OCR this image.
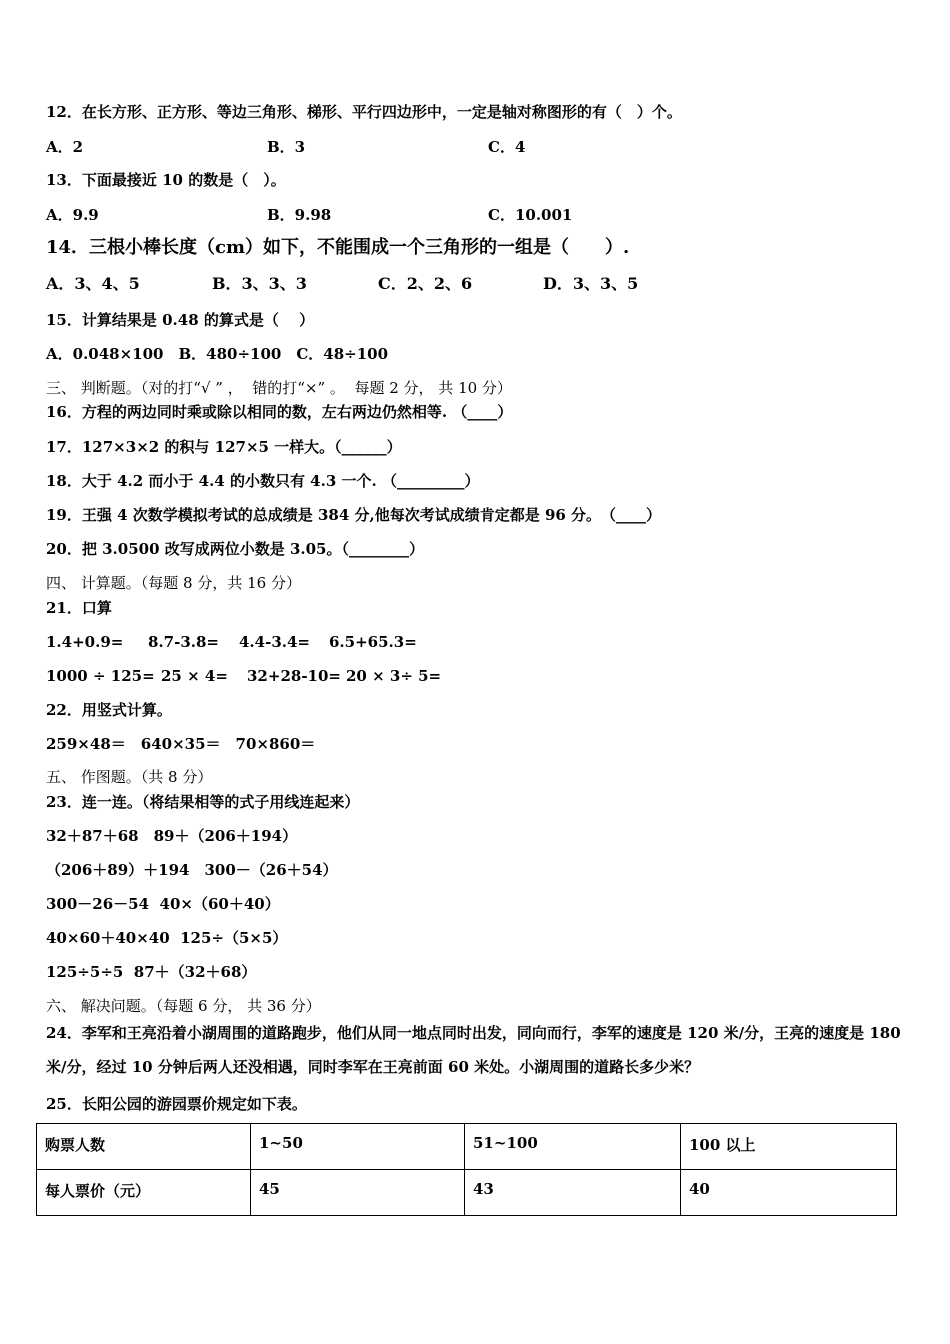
12．在长方形、正方形、等边三角形、梯形、平行四边形中，一定是轴对称图形的有（　）个。
A．2	B．3	C．4
13．下面最接近 10 的数是（　）。
A．9.9	B．9.98	C．10.001
14．三根小棒长度（cm）如下，不能围成一个三角形的一组是（　　）.
A．3、4、5	B．3、3、3	C．2、2、6	D．3、3、5
15．计算结果是 0.48 的算式是（　 ）
A．0.048×100　B．480÷100　C．48÷100
三、 判断题。（对的打“√ ” ，  错的打“×” 。  每题 2 分， 共 10 分）
16．方程的两边同时乘或除以相同的数，左右两边仍然相等. （____）
17．127×3×2 的积与 127×5 一样大。（______）
18．大于 4.2 而小于 4.4 的小数只有 4.3 一个. （_________）
19．王强 4 次数学模拟考试的总成绩是 384 分,他每次考试成绩肯定都是 96 分。　（____）
20．把 3.0500 改写成两位小数是 3.05。（________）
四、 计算题。（每题 8 分，共 16 分）
21．口算
1.4+0.9= 8.7-3.8= 4.4-3.4= 6.5+65.3=
1000 ÷ 125= 25 × 4= 32+28-10= 20 × 3÷ 5=
22．用竖式计算。
259×48＝　640×35＝　70×860＝
五、 作图题。（共 8 分）
23．连一连。（将结果相等的式子用线连起来）
32＋87＋68　89＋（206＋194）
（206＋89）＋194　300－（26＋54）
300－26－54  40×（60＋40）
40×60＋40×40  125÷（5×5）
125÷5÷5  87＋（32＋68）
六、 解决问题。（每题 6 分， 共 36 分）
24．李军和王亮沿着小湖周围的道路跑步，他们从同一地点同时出发，同向而行，李军的速度是 120 米/分，王亮的速度是 180 米/分，经过 10 分钟后两人还没相遇，同时李军在王亮前面 60 米处。小湖周围的道路长多少米？
25．长阳公园的游园票价规定如下表。
购票人数	1~50	51~100	100 以上
每人票价（元）	45	43	40
